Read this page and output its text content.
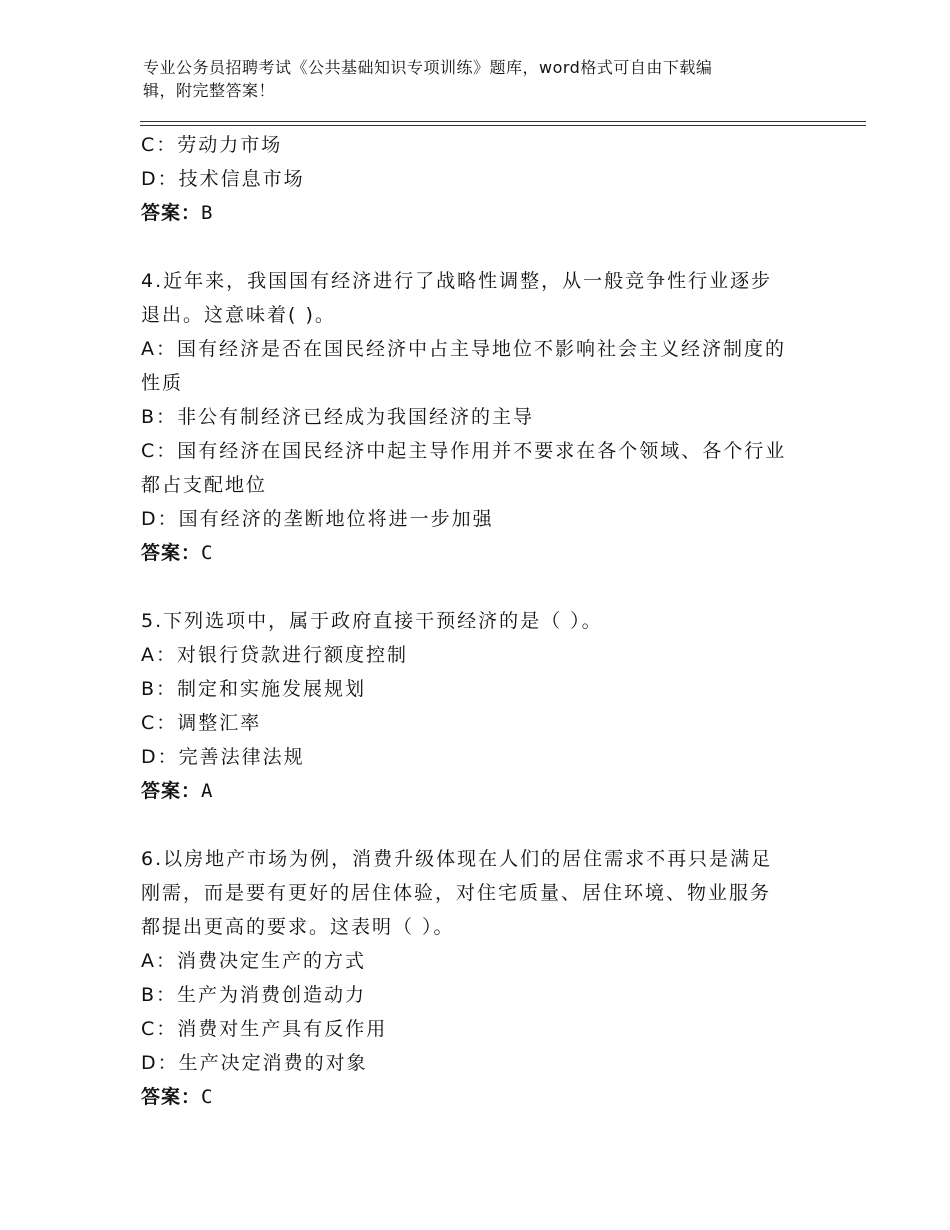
专业公务员招聘考试《公共基础知识专项训练》题库，word格式可自由下载编
辑，附完整答案！
C：劳动力市场
D：技术信息市场
答案：B
4.近年来，我国国有经济进行了战略性调整，从一般竞争性行业逐步
退出。这意味着( )。
A：国有经济是否在国民经济中占主导地位不影响社会主义经济制度的
性质
B：非公有制经济已经成为我国经济的主导
C：国有经济在国民经济中起主导作用并不要求在各个领域、各个行业
都占支配地位
D：国有经济的垄断地位将进一步加强
答案：C
5.下列选项中，属于政府直接干预经济的是（ ）。
A：对银行贷款进行额度控制
B：制定和实施发展规划
C：调整汇率
D：完善法律法规
答案：A
6.以房地产市场为例，消费升级体现在人们的居住需求不再只是满足
刚需，而是要有更好的居住体验，对住宅质量、居住环境、物业服务
都提出更高的要求。这表明（ ）。
A：消费决定生产的方式
B：生产为消费创造动力
C：消费对生产具有反作用
D：生产决定消费的对象
答案：C
